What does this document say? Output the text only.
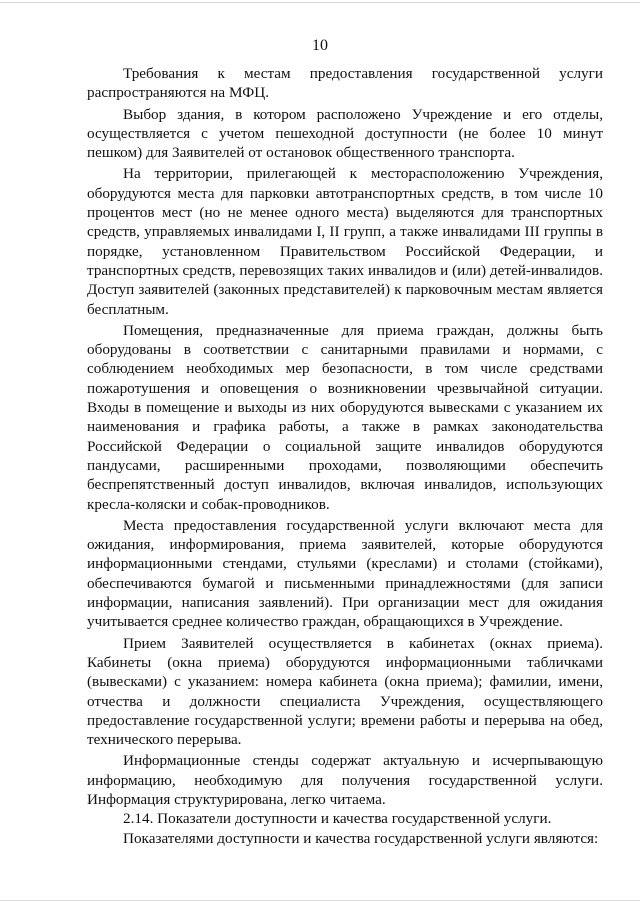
10

Требования к местам предоставления государственной услуги распространяются на МФЦ.

Выбор здания, в котором расположено Учреждение и его отделы, осуществляется с учетом пешеходной доступности (не более 10 минут пешком) для Заявителей от остановок общественного транспорта.

На территории, прилегающей к месторасположению Учреждения, оборудуются места для парковки автотранспортных средств, в том числе 10 процентов мест (но не менее одного места) выделяются для транспортных средств, управляемых инвалидами I, II групп, а также инвалидами III группы в порядке, установленном Правительством Российской Федерации, и транспортных средств, перевозящих таких инвалидов и (или) детей-инвалидов. Доступ заявителей (законных представителей) к парковочным местам является бесплатным.

Помещения, предназначенные для приема граждан, должны быть оборудованы в соответствии с санитарными правилами и нормами, с соблюдением необходимых мер безопасности, в том числе средствами пожаротушения и оповещения о возникновении чрезвычайной ситуации. Входы в помещение и выходы из них оборудуются вывесками с указанием их наименования и графика работы, а также в рамках законодательства Российской Федерации о социальной защите инвалидов оборудуются пандусами, расширенными проходами, позволяющими обеспечить беспрепятственный доступ инвалидов, включая инвалидов, использующих кресла-коляски и собак-проводников.

Места предоставления государственной услуги включают места для ожидания, информирования, приема заявителей, которые оборудуются информационными стендами, стульями (креслами) и столами (стойками), обеспечиваются бумагой и письменными принадлежностями (для записи информации, написания заявлений). При организации мест для ожидания учитывается среднее количество граждан, обращающихся в Учреждение.

Прием Заявителей осуществляется в кабинетах (окнах приема). Кабинеты (окна приема) оборудуются информационными табличками (вывесками) с указанием: номера кабинета (окна приема); фамилии, имени, отчества и должности специалиста Учреждения, осуществляющего предоставление государственной услуги; времени работы и перерыва на обед, технического перерыва.

Информационные стенды содержат актуальную и исчерпывающую информацию, необходимую для получения государственной услуги. Информация структурирована, легко читаема.

2.14. Показатели доступности и качества государственной услуги.

Показателями доступности и качества государственной услуги являются:
